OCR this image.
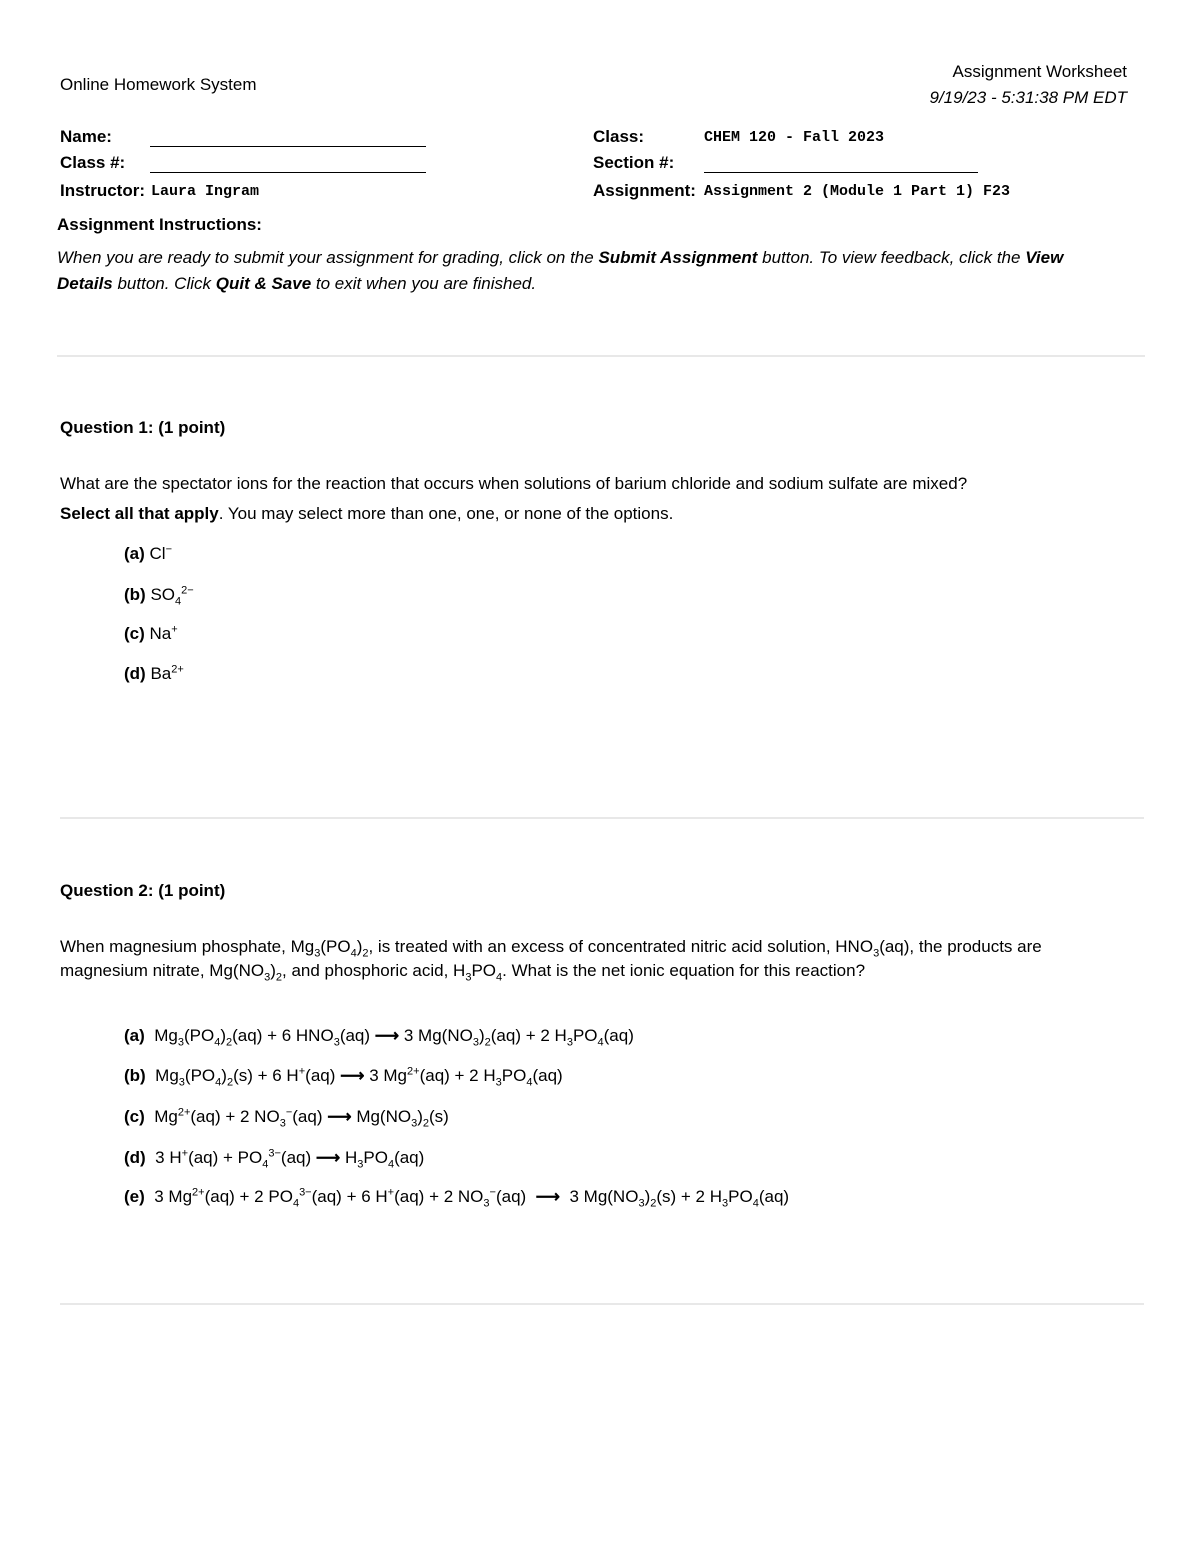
Online Homework System
Assignment Worksheet
9/19/23 - 5:31:38 PM EDT
Name:
Class #:
Instructor: Laura Ingram
Class:	CHEM 120 - Fall 2023
Section #:
Assignment: Assignment 2 (Module 1 Part 1) F23
Assignment Instructions:
When you are ready to submit your assignment for grading, click on the Submit Assignment button. To view feedback, click the View Details button. Click Quit & Save to exit when you are finished.
Question 1: (1 point)
What are the spectator ions for the reaction that occurs when solutions of barium chloride and sodium sulfate are mixed?
Select all that apply. You may select more than one, one, or none of the options.
(a) Cl−
(b) $SO_4^{2-}$
(c) Na+
(d) $Ba^{2+}$
Question 2: (1 point)
When magnesium phosphate, $Mg_3(PO_4)_2$, is treated with an excess of concentrated nitric acid solution, $HNO_3(aq)$, the products are
magnesium nitrate, $Mg(NO_3)_2$, and phosphoric acid, $H_3PO_4$. What is the net ionic equation for this reaction?
(a)  $Mg_3(PO_4)_2(aq) + 6$ $HNO_3(aq)$ ⟶ 3 $Mg(NO_3)_2(aq) + 2$ $H_3PO_4(aq)$
(b)  $Mg_3(PO_4)_2(s) + 6$ H+(aq) ⟶ 3 $Mg^{2+}(aq) + 2$ $H_3PO_4(aq)$
(c)  $Mg^{2+}(aq) + 2$ $NO_3^-(aq)$ ⟶ $Mg(NO_3)_2(s)$
(d)  3 $H^+(aq) + PO_4^{3-}(aq)$ ⟶ $H_3PO_4(aq)$
(e)  3 $Mg^{2+}(aq) + 2$ $PO_4^{3-}(aq) + 6$ H+(aq) + 2 $NO_3^-(aq)$  ⟶  3 $Mg(NO_3)_2(s) + 2$ $H_3PO_4(aq)$
